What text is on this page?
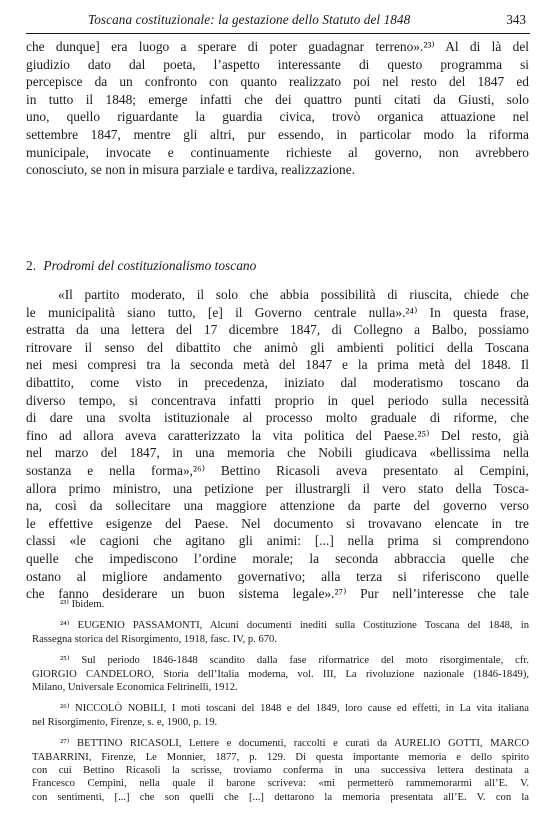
Toscana costituzionale: la gestazione dello Statuto del 1848	343
che dunque] era luogo a sperare di poter guadagnar terreno».²³⁾ Al di là del
giudizio dato dal poeta, l’aspetto interessante di questo programma si
percepisce da un confronto con quanto realizzato poi nel resto del 1847 ed
in tutto il 1848; emerge infatti che dei quattro punti citati da Giusti, solo
uno, quello riguardante la guardia civica, trovò organica attuazione nel
settembre 1847, mentre gli altri, pur essendo, in particolar modo la riforma
municipale, invocate e continuamente richieste al governo, non avrebbero
conosciuto, se non in misura parziale e tardiva, realizzazione.
2. Prodromi del costituzionalismo toscano
«Il partito moderato, il solo che abbia possibilità di riuscita, chiede che
le municipalità siano tutto, [e] il Governo centrale nulla».²⁴⁾ In questa frase,
estratta da una lettera del 17 dicembre 1847, di Collegno a Balbo, possiamo
ritrovare il senso del dibattito che animò gli ambienti politici della Toscana
nei mesi compresi tra la seconda metà del 1847 e la prima metà del 1848. Il
dibattito, come visto in precedenza, iniziato dal moderatismo toscano da
diverso tempo, si concentrava infatti proprio in quel periodo sulla necessità
di dare una svolta istituzionale al processo molto graduale di riforme, che
fino ad allora aveva caratterizzato la vita politica del Paese.²⁵⁾ Del resto, già
nel marzo del 1847, in una memoria che Nobili giudicava «bellissima nella
sostanza e nella forma»,²⁶⁾ Bettino Ricasoli aveva presentato al Cempini,
allora primo ministro, una petizione per illustrargli il vero stato della Tosca-
na, così da sollecitare una maggiore attenzione da parte del governo verso
le effettive esigenze del Paese. Nel documento si trovavano elencate in tre
classi «le cagioni che agitano gli animi: [...] nella prima si comprendono
quelle che impediscono l’ordine morale; la seconda abbraccia quelle che
ostano al migliore andamento governativo; alla terza si riferiscono quelle
che fanno desiderare un buon sistema legale».²⁷⁾ Pur nell’interesse che tale
²³⁾ Ibidem.
²⁴⁾ EUGENIO PASSAMONTI, Alcuni documenti inediti sulla Costituzione Toscana del 1848, in
Rassegna storica del Risorgimento, 1918, fasc. IV, p. 670.
²⁵⁾ Sul periodo 1846-1848 scandito dalla fase riformatrice del moto risorgimentale, cfr.
GIORGIO CANDELORO, Storia dell’Italia moderna, vol. III, La rivoluzione nazionale (1846-1849),
Milano, Universale Economica Feltrinelli, 1912.
²⁶⁾ NICCOLÒ NOBILI, I moti toscani del 1848 e del 1849, loro cause ed effetti, in La vita italiana
nel Risorgimento, Firenze, s. e, 1900, p. 19.
²⁷⁾ BETTINO RICASOLI, Lettere e documenti, raccolti e curati da AURELIO GOTTI, MARCO
TABARRINI, Firenze, Le Monnier, 1877, p. 129. Di questa importante memoria e dello spirito
con cui Bettino Ricasoli la scrisse, troviamo conferma in una successiva lettera destinata a
Francesco Cempini, nella quale il barone scriveva: «mi permetterò rammemorarmi all’E. V.
con sentimenti, [...] che son quelli che [...] dettarono la memoria presentata all’E. V. con la
